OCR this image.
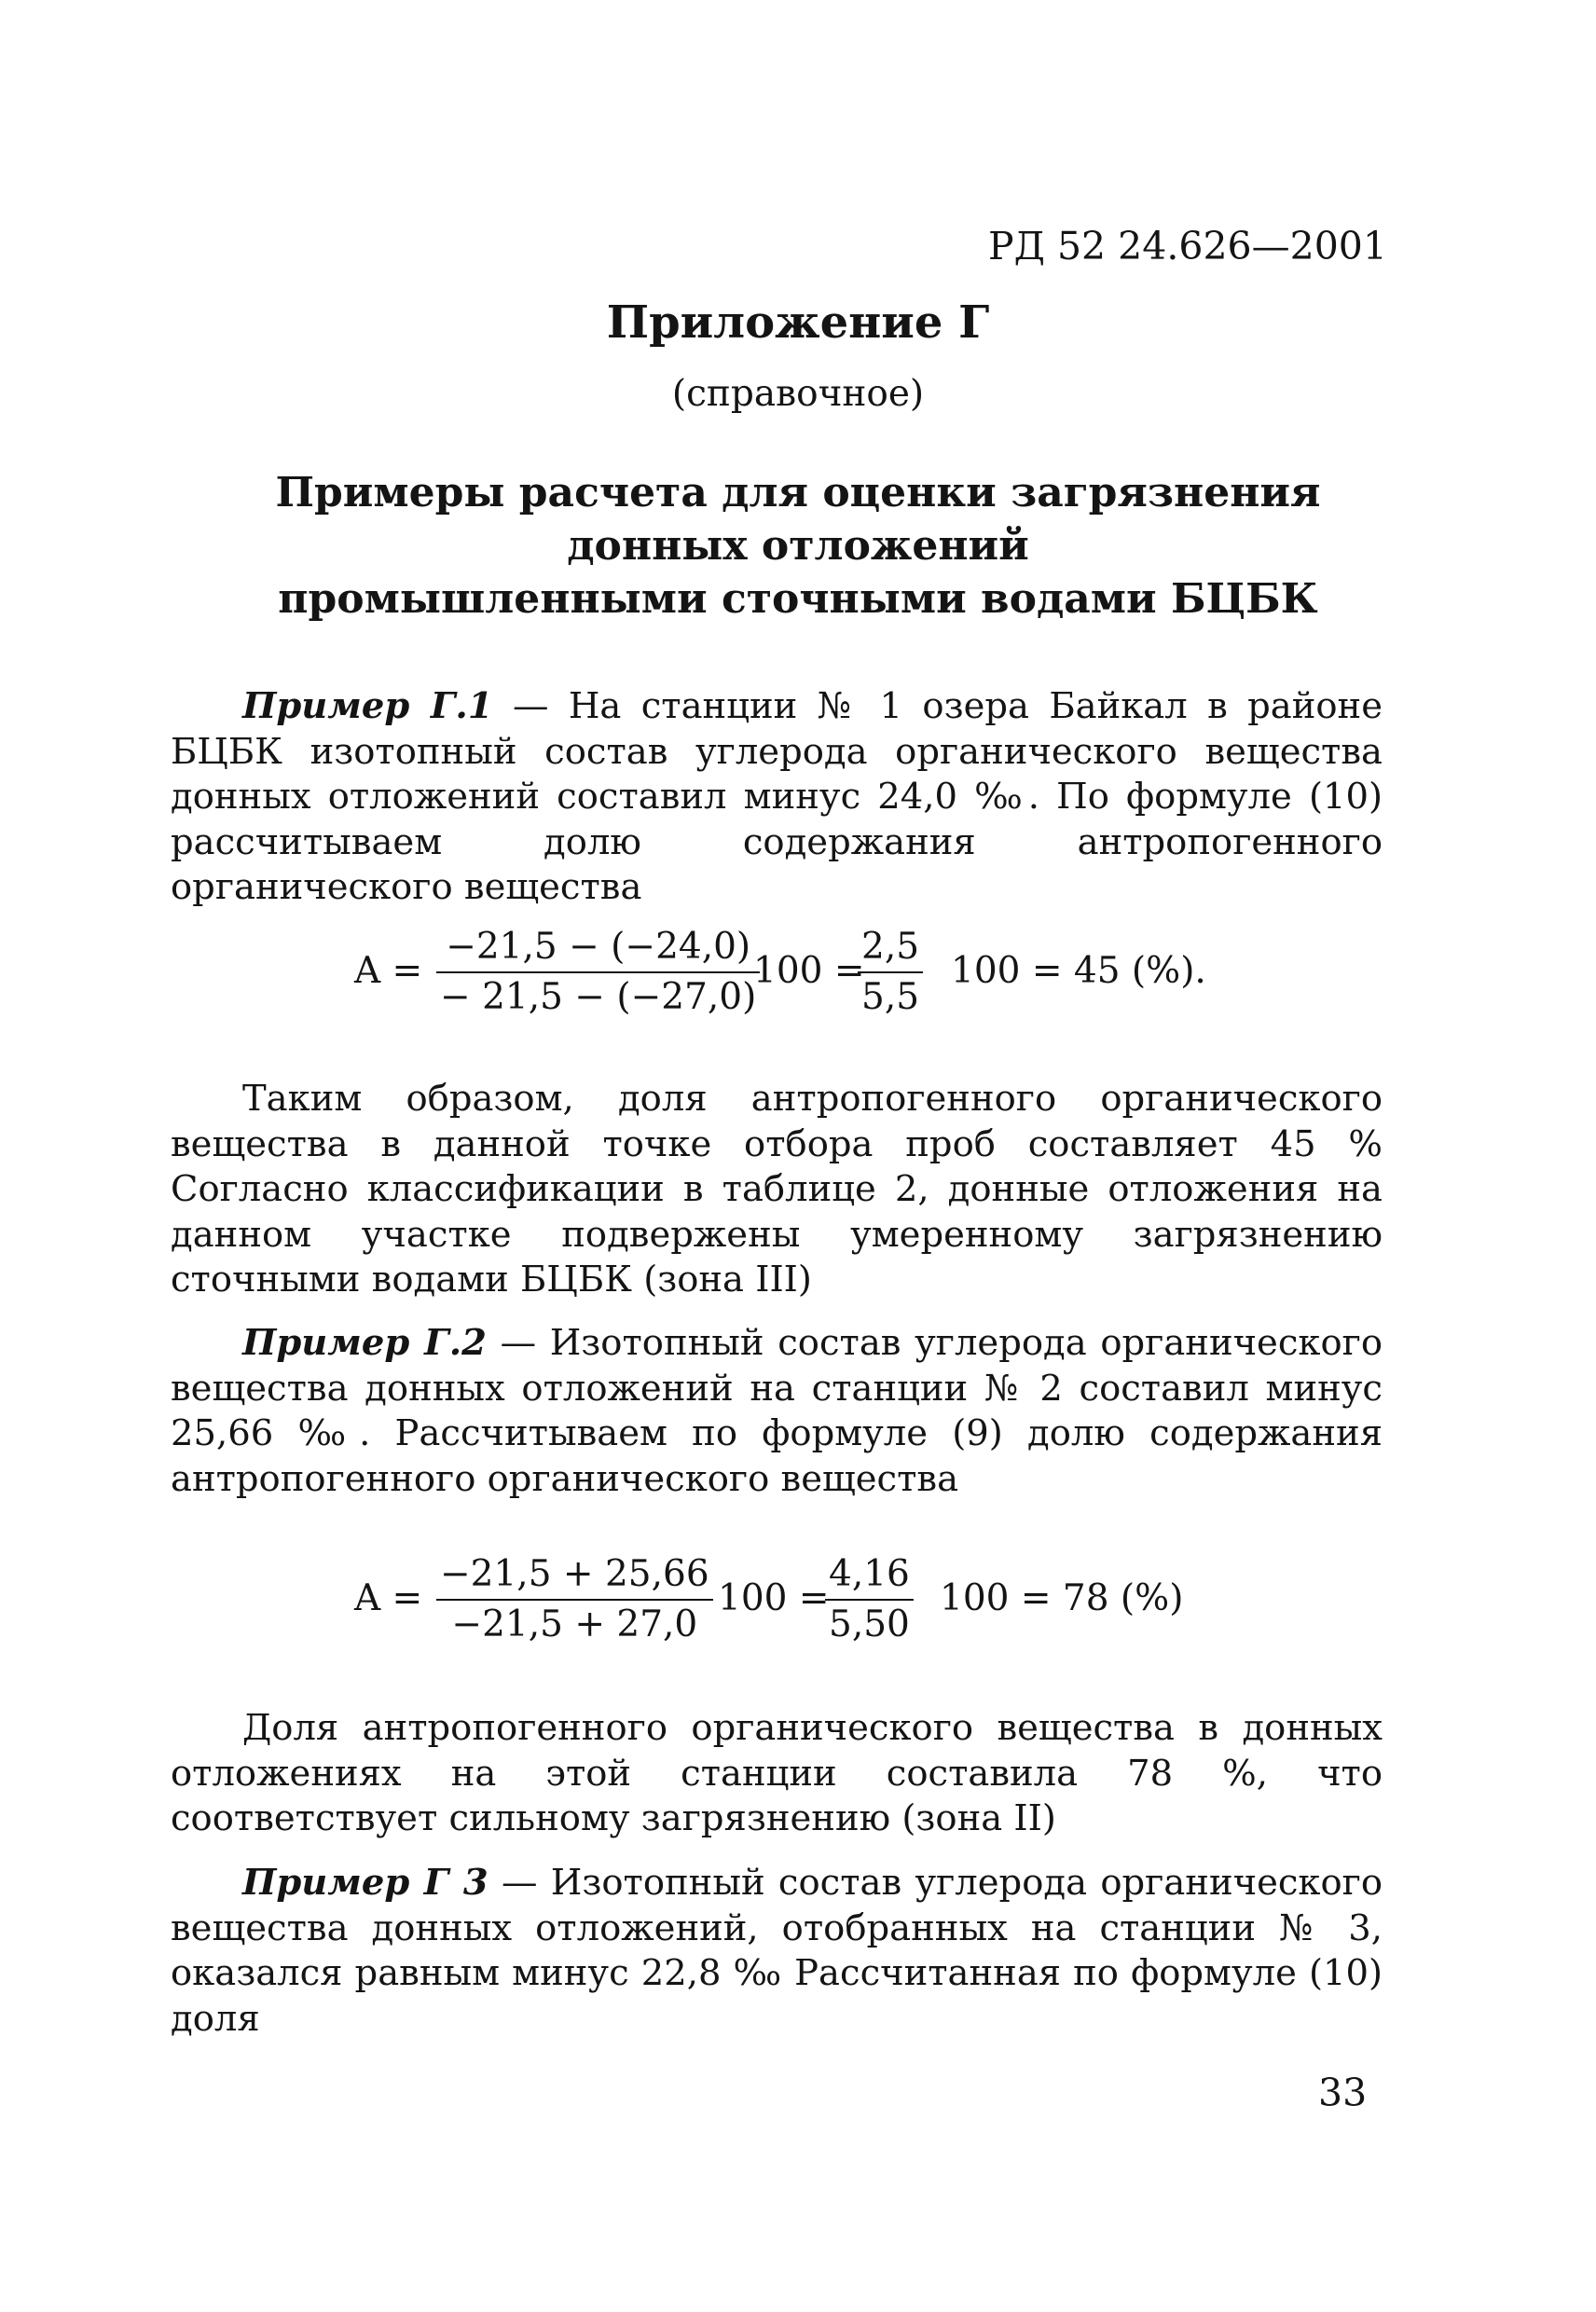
РД 52 24.626—2001
Приложение Г
(справочное)
Примеры расчета для оценки загрязнения
донных отложений
промышленными сточными водами БЦБК

Пример Г.1 — На станции № 1 озера Байкал в районе БЦБК изотопный состав углерода органического вещества донных отложений составил минус 24,0 ‰. По формуле (10) рассчитываем долю содержания антропогенного органического вещества

$A = \frac{-21,5 - (-24,0)}{- 21,5 - (-27,0)}$
100 =
$\frac{2,5}{5,5} 100 = 45$ (%).

Таким образом, доля антропогенного органического вещества в данной точке отбора проб составляет 45 % Согласно классификации в таблице 2, донные отложения на данном участке подвержены умеренному загрязнению сточными водами БЦБК (зона III)

Пример Г.2 — Изотопный состав углерода органического вещества донных отложений на станции № 2 составил минус 25,66 ‰. Рассчитываем по формуле (9) долю содержания антропогенного органического вещества

$A = \frac{-21,5 + 25,66}{-21,5 + 27,0} 100$ =
$\frac{4,16}{5,50} 100 = 78$ (%)

Доля антропогенного органического вещества в донных отложениях на этой станции составила 78 %, что соответствует сильному загрязнению (зона II)

Пример Г 3 — Изотопный состав углерода органического вещества донных отложений, отобранных на станции № 3, оказался равным минус 22,8 ‰ Рассчитанная по формуле (10) доля

33
